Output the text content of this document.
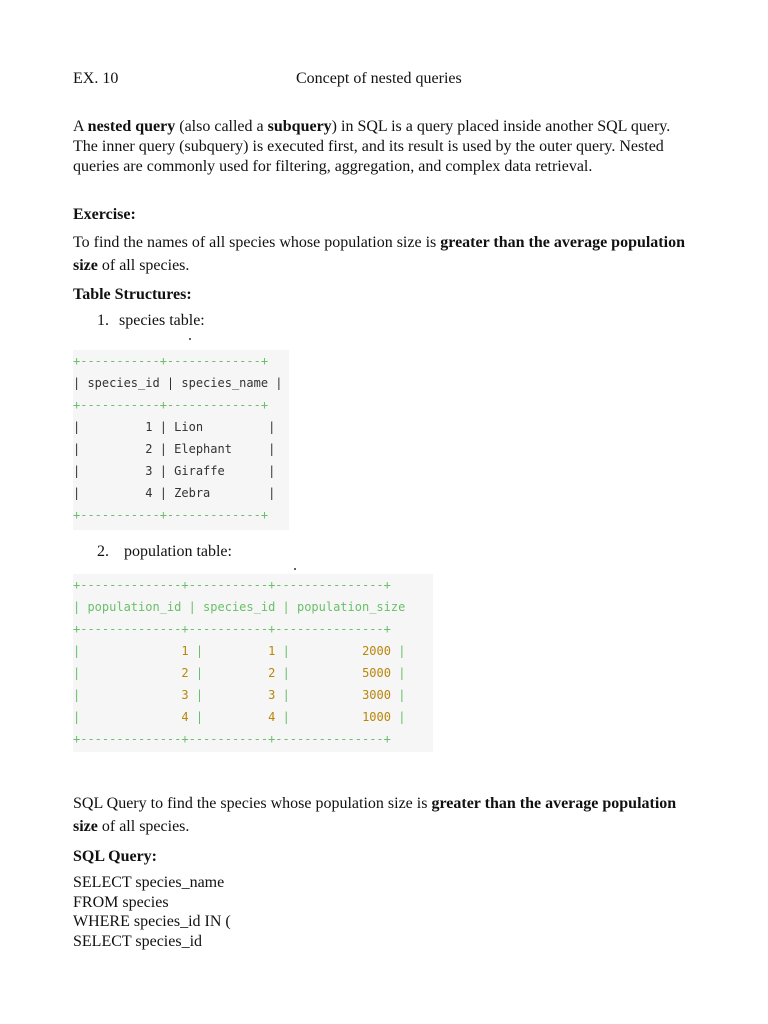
EX. 10	Concept of nested queries
A nested query (also called a subquery) in SQL is a query placed inside another SQL query. The inner query (subquery) is executed first, and its result is used by the outer query. Nested queries are commonly used for filtering, aggregation, and complex data retrieval.
Exercise:
To find the names of all species whose population size is greater than the average population size of all species.
Table Structures:
1. species table:
+-----------+-------------+
| species_id | species_name |
+-----------+-------------+
|         1 | Lion         |
|         2 | Elephant     |
|         3 | Giraffe      |
|         4 | Zebra        |
+-----------+-------------+
2. population table:
+--------------+-----------+---------------+
| population_id | species_id | population_size
+--------------+-----------+---------------+
|	1 |	1 |	2000 |
|	2 |	2 |	5000 |
|	3 |	3 |	3000 |
|	4 |	4 |	1000 |
+--------------+-----------+---------------+
SQL Query to find the species whose population size is greater than the average population size of all species.
SQL Query:
SELECT species_name
FROM species
WHERE species_id IN (
SELECT species_id
